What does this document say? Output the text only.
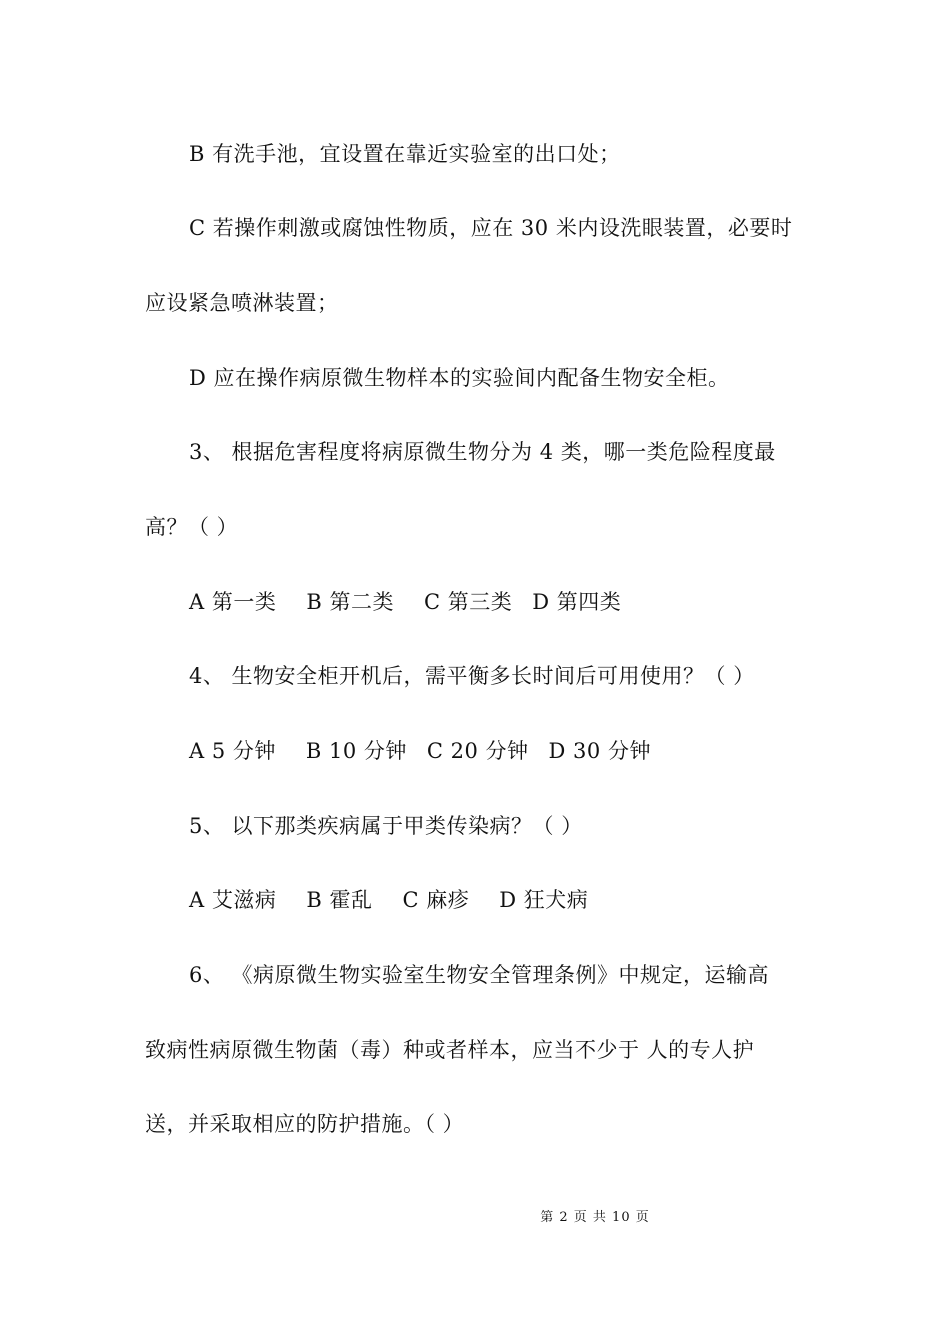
B 有洗手池，宜设置在靠近实验室的出口处；
C 若操作刺激或腐蚀性物质，应在 30 米内设洗眼装置，必要时
应设紧急喷淋装置；
D 应在操作病原微生物样本的实验间内配备生物安全柜。
3、 根据危害程度将病原微生物分为 4 类，哪一类危险程度最
高？（ ）
A 第一类 B 第二类 C 第三类 D 第四类
4、 生物安全柜开机后，需平衡多长时间后可用使用？（ ）
A 5 分钟 B 10 分钟 C 20 分钟 D 30 分钟
5、 以下那类疾病属于甲类传染病？（ ）
A 艾滋病 B 霍乱 C 麻疹 D 狂犬病
6、 《病原微生物实验室生物安全管理条例》中规定，运输高
致病性病原微生物菌（毒）种或者样本，应当不少于 人的专人护
送，并采取相应的防护措施。（ ）
第 2 页 共 10 页
